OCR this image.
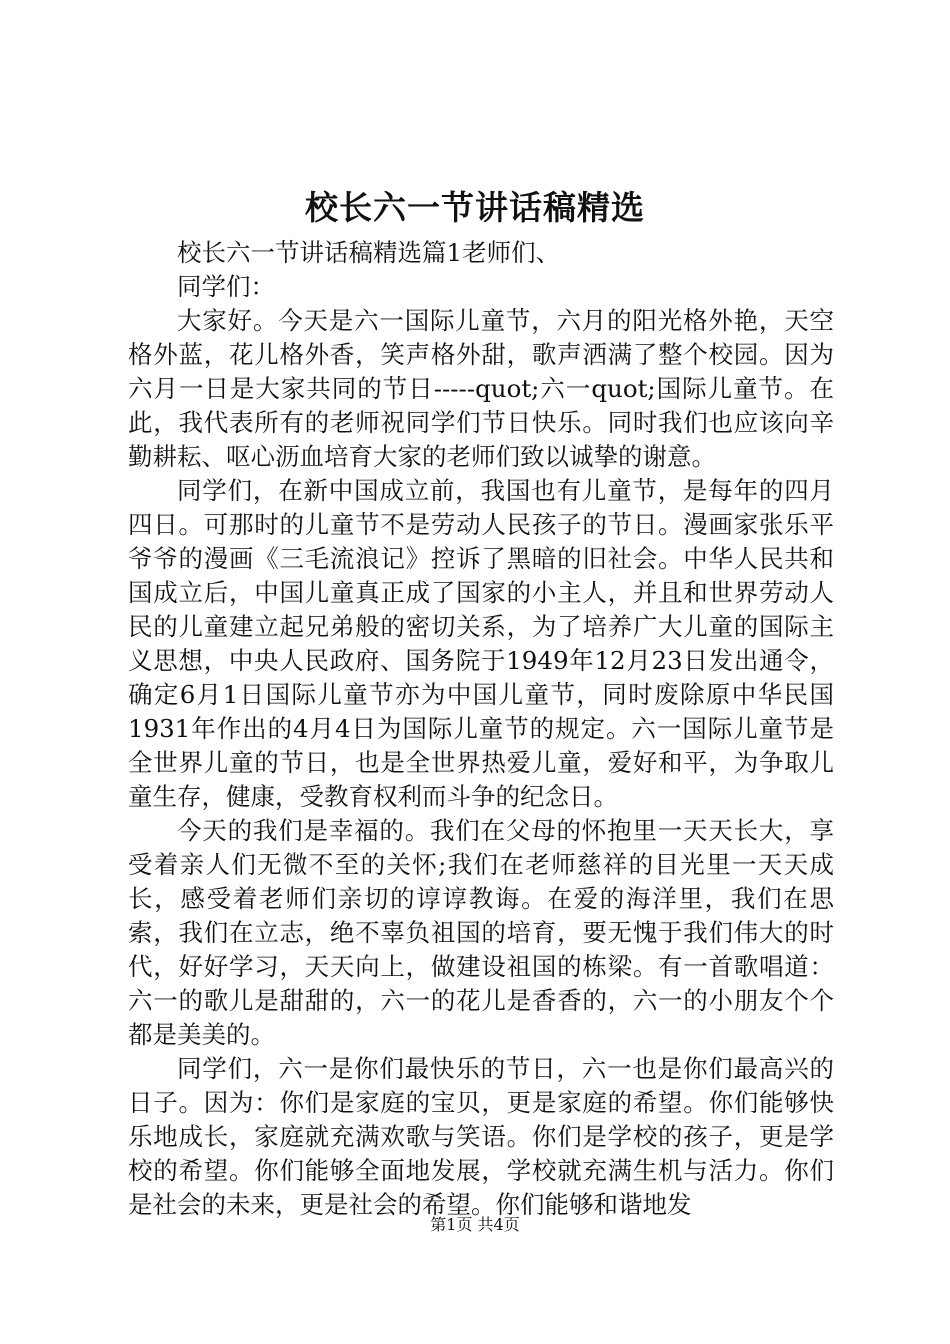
校长六一节讲话稿精选

校长六一节讲话稿精选篇1老师们、

同学们：

大家好。今天是六一国际儿童节，六月的阳光格外艳，天空格外蓝，花儿格外香，笑声格外甜，歌声洒满了整个校园。因为六月一日是大家共同的节日-----quot;六一quot;国际儿童节。在此，我代表所有的老师祝同学们节日快乐。同时我们也应该向辛勤耕耘、呕心沥血培育大家的老师们致以诚挚的谢意。

同学们，在新中国成立前，我国也有儿童节，是每年的四月四日。可那时的儿童节不是劳动人民孩子的节日。漫画家张乐平爷爷的漫画《三毛流浪记》控诉了黑暗的旧社会。中华人民共和国成立后，中国儿童真正成了国家的小主人，并且和世界劳动人民的儿童建立起兄弟般的密切关系，为了培养广大儿童的国际主义思想，中央人民政府、国务院于1949年12月23日发出通令，确定6月1日国际儿童节亦为中国儿童节，同时废除原中华民国1931年作出的4月4日为国际儿童节的规定。六一国际儿童节是全世界儿童的节日，也是全世界热爱儿童，爱好和平，为争取儿童生存，健康，受教育权利而斗争的纪念日。

今天的我们是幸福的。我们在父母的怀抱里一天天长大，享受着亲人们无微不至的关怀;我们在老师慈祥的目光里一天天成长，感受着老师们亲切的谆谆教诲。在爱的海洋里，我们在思索，我们在立志，绝不辜负祖国的培育，要无愧于我们伟大的时代，好好学习，天天向上，做建设祖国的栋梁。有一首歌唱道：六一的歌儿是甜甜的，六一的花儿是香香的，六一的小朋友个个都是美美的。

同学们，六一是你们最快乐的节日，六一也是你们最高兴的日子。因为：你们是家庭的宝贝，更是家庭的希望。你们能够快乐地成长，家庭就充满欢歌与笑语。你们是学校的孩子，更是学校的希望。你们能够全面地发展，学校就充满生机与活力。你们是社会的未来，更是社会的希望。你们能够和谐地发

第1页 共4页
